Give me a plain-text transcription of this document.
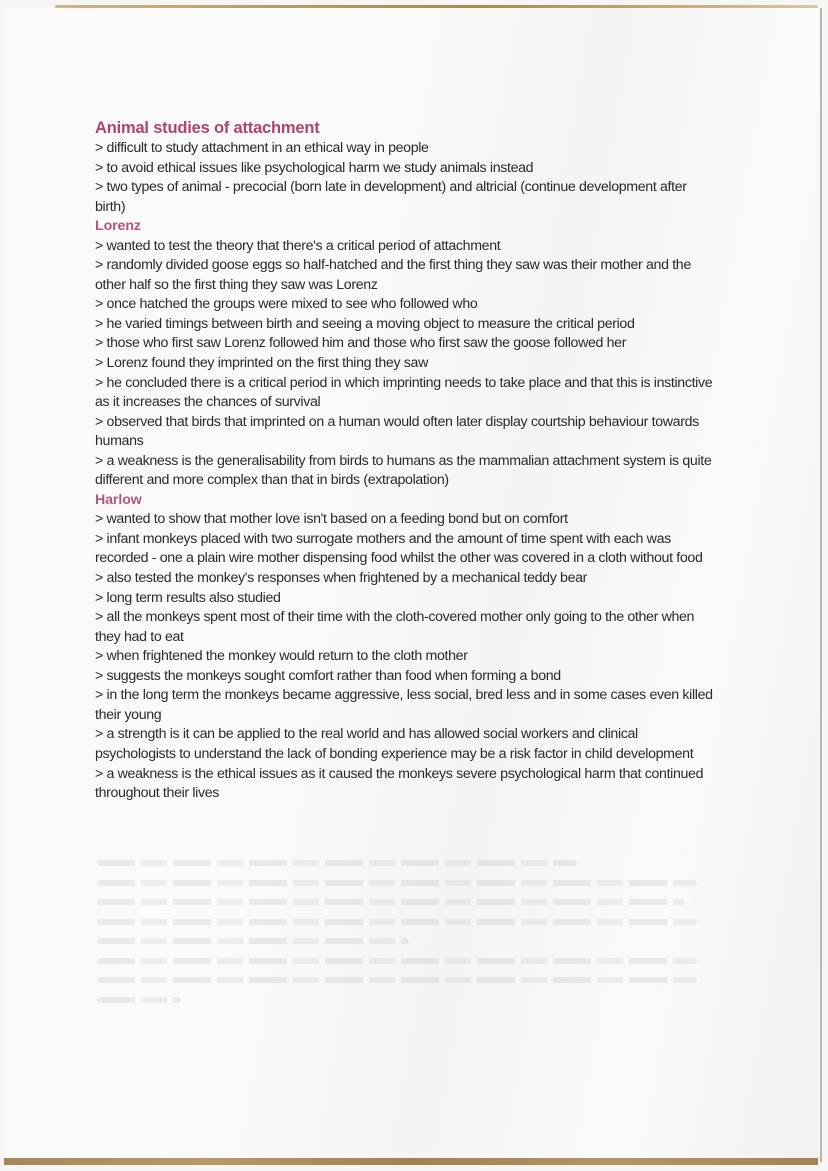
Animal studies of attachment

> difficult to study attachment in an ethical way in people

> to avoid ethical issues like psychological harm we study animals instead

> two types of animal - precocial (born late in development) and altricial (continue development after birth)

Lorenz

> wanted to test the theory that there's a critical period of attachment

> randomly divided goose eggs so half-hatched and the first thing they saw was their mother and the other half so the first thing they saw was Lorenz

> once hatched the groups were mixed to see who followed who

> he varied timings between birth and seeing a moving object to measure the critical period

> those who first saw Lorenz followed him and those who first saw the goose followed her

> Lorenz found they imprinted on the first thing they saw

> he concluded there is a critical period in which imprinting needs to take place and that this is instinctive as it increases the chances of survival

> observed that birds that imprinted on a human would often later display courtship behaviour towards humans

> a weakness is the generalisability from birds to humans as the mammalian attachment system is quite different and more complex than that in birds (extrapolation)

Harlow

> wanted to show that mother love isn't based on a feeding bond but on comfort

> infant monkeys placed with two surrogate mothers and the amount of time spent with each was recorded - one a plain wire mother dispensing food whilst the other was covered in a cloth without food

> also tested the monkey's responses when frightened by a mechanical teddy bear

> long term results also studied

> all the monkeys spent most of their time with the cloth-covered mother only going to the other when they had to eat

> when frightened the monkey would return to the cloth mother

> suggests the monkeys sought comfort rather than food when forming a bond

> in the long term the monkeys became aggressive, less social, bred less and in some cases even killed their young

> a strength is it can be applied to the real world and has allowed social workers and clinical psychologists to understand the lack of bonding experience may be a risk factor in child development

> a weakness is the ethical issues as it caused the monkeys severe psychological harm that continued throughout their lives
